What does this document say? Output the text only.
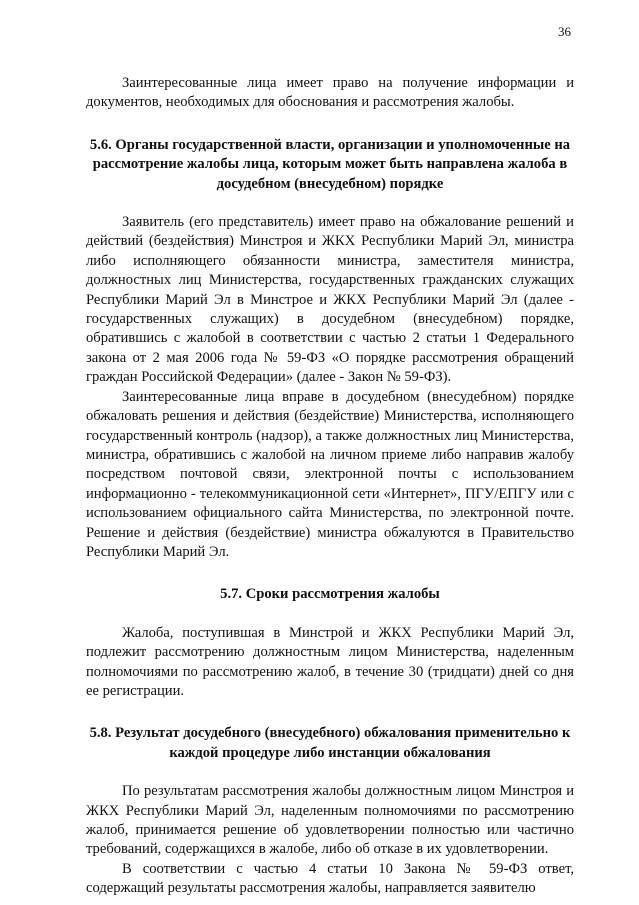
36

Заинтересованные лица имеет право на получение информации и документов, необходимых для обоснования и рассмотрения жалобы.

5.6. Органы государственной власти, организации и уполномоченные на рассмотрение жалобы лица, которым может быть направлена жалоба в досудебном (внесудебном) порядке

Заявитель (его представитель) имеет право на обжалование решений и действий (бездействия) Минстроя и ЖКХ Республики Марий Эл, министра либо исполняющего обязанности министра, заместителя министра, должностных лиц Министерства, государственных гражданских служащих Республики Марий Эл в Минстрое и ЖКХ Республики Марий Эл (далее - государственных служащих) в досудебном (внесудебном) порядке, обратившись с жалобой в соответствии с частью 2 статьи 1 Федерального закона от 2 мая 2006 года № 59-ФЗ «О порядке рассмотрения обращений граждан Российской Федерации» (далее - Закон № 59-ФЗ).

Заинтересованные лица вправе в досудебном (внесудебном) порядке обжаловать решения и действия (бездействие) Министерства, исполняющего государственный контроль (надзор), а также должностных лиц Министерства, министра, обратившись с жалобой на личном приеме либо направив жалобу посредством почтовой связи, электронной почты с использованием информационно - телекоммуникационной сети «Интернет», ПГУ/ЕПГУ или с использованием официального сайта Министерства, по электронной почте. Решение и действия (бездействие) министра обжалуются в Правительство Республики Марий Эл.

5.7. Сроки рассмотрения жалобы

Жалоба, поступившая в Минстрой и ЖКХ Республики Марий Эл, подлежит рассмотрению должностным лицом Министерства, наделенным полномочиями по рассмотрению жалоб, в течение 30 (тридцати) дней со дня ее регистрации.

5.8. Результат досудебного (внесудебного) обжалования применительно к каждой процедуре либо инстанции обжалования

По результатам рассмотрения жалобы должностным лицом Минстроя и ЖКХ Республики Марий Эл, наделенным полномочиями по рассмотрению жалоб, принимается решение об удовлетворении полностью или частично требований, содержащихся в жалобе, либо об отказе в их удовлетворении.

В соответствии с частью 4 статьи 10 Закона № 59-ФЗ ответ, содержащий результаты рассмотрения жалобы, направляется заявителю
